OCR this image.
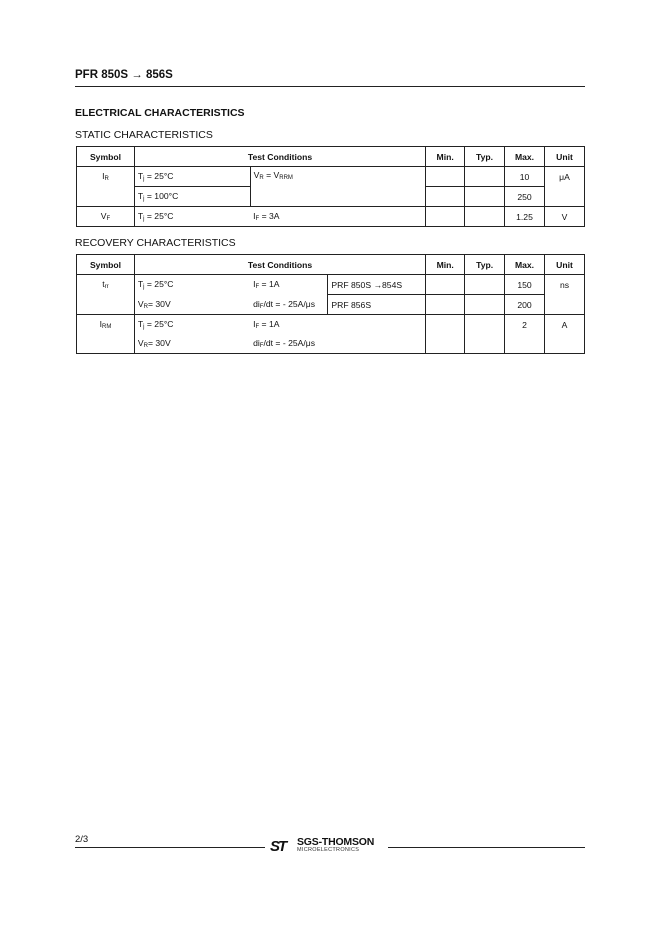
PFR 850S → 856S
ELECTRICAL CHARACTERISTICS
STATIC CHARACTERISTICS
Symbol	Test Conditions		Min.	Typ.	Max.	Unit
$I_R$	$T_j = 25^\circ C$	$V_R = V_{RRM}$			10	μA
	$T_j = 100^\circ C$				250	
$V_F$	$T_j = 25^\circ C$	$I_F = 3A$			1.25	V
RECOVERY CHARACTERISTICS
Symbol	Test Conditions			Min.	Typ.	Max.	Unit
$t_{rr}$	$T_j = 25^\circ C$	$I_F = 1A$	PRF 850S →854S			150	ns
	$V_R= 30V$	$di_F/dt$ = - 25A/μs	PRF 856S			200	
$I_{RM}$	$T_j = 25^\circ C$	$I_F = 1A$				2	A
	$V_R= 30V$	$di_F/dt$ = - 25A/μs					
2/3	ST SGS-THOMSON
MICROELECTRONICS
